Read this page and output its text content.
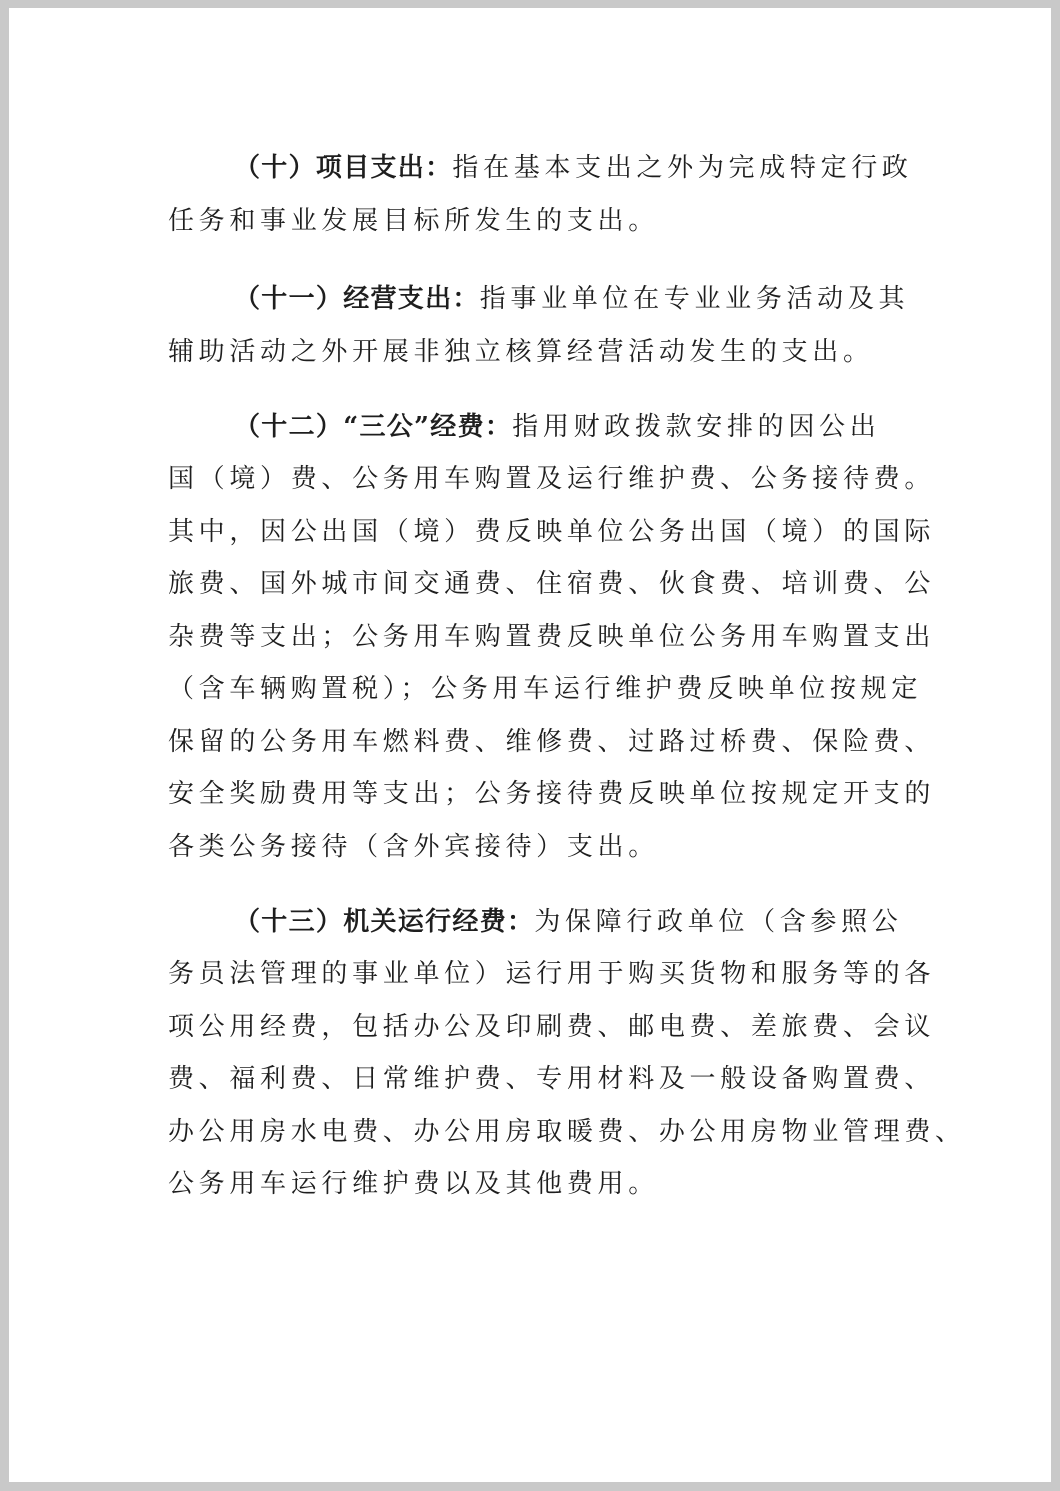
（十）项目支出：指在基本支出之外为完成特定行政
任务和事业发展目标所发生的支出。
（十一）经营支出：指事业单位在专业业务活动及其
辅助活动之外开展非独立核算经营活动发生的支出。
（十二）“三公”经费：指用财政拨款安排的因公出
国（境）费、公务用车购置及运行维护费、公务接待费。
其中，因公出国（境）费反映单位公务出国（境）的国际
旅费、国外城市间交通费、住宿费、伙食费、培训费、公
杂费等支出；公务用车购置费反映单位公务用车购置支出
（含车辆购置税）；公务用车运行维护费反映单位按规定
保留的公务用车燃料费、维修费、过路过桥费、保险费、
安全奖励费用等支出；公务接待费反映单位按规定开支的
各类公务接待（含外宾接待）支出。
（十三）机关运行经费：为保障行政单位（含参照公
务员法管理的事业单位）运行用于购买货物和服务等的各
项公用经费，包括办公及印刷费、邮电费、差旅费、会议
费、福利费、日常维护费、专用材料及一般设备购置费、
办公用房水电费、办公用房取暖费、办公用房物业管理费、
公务用车运行维护费以及其他费用。
